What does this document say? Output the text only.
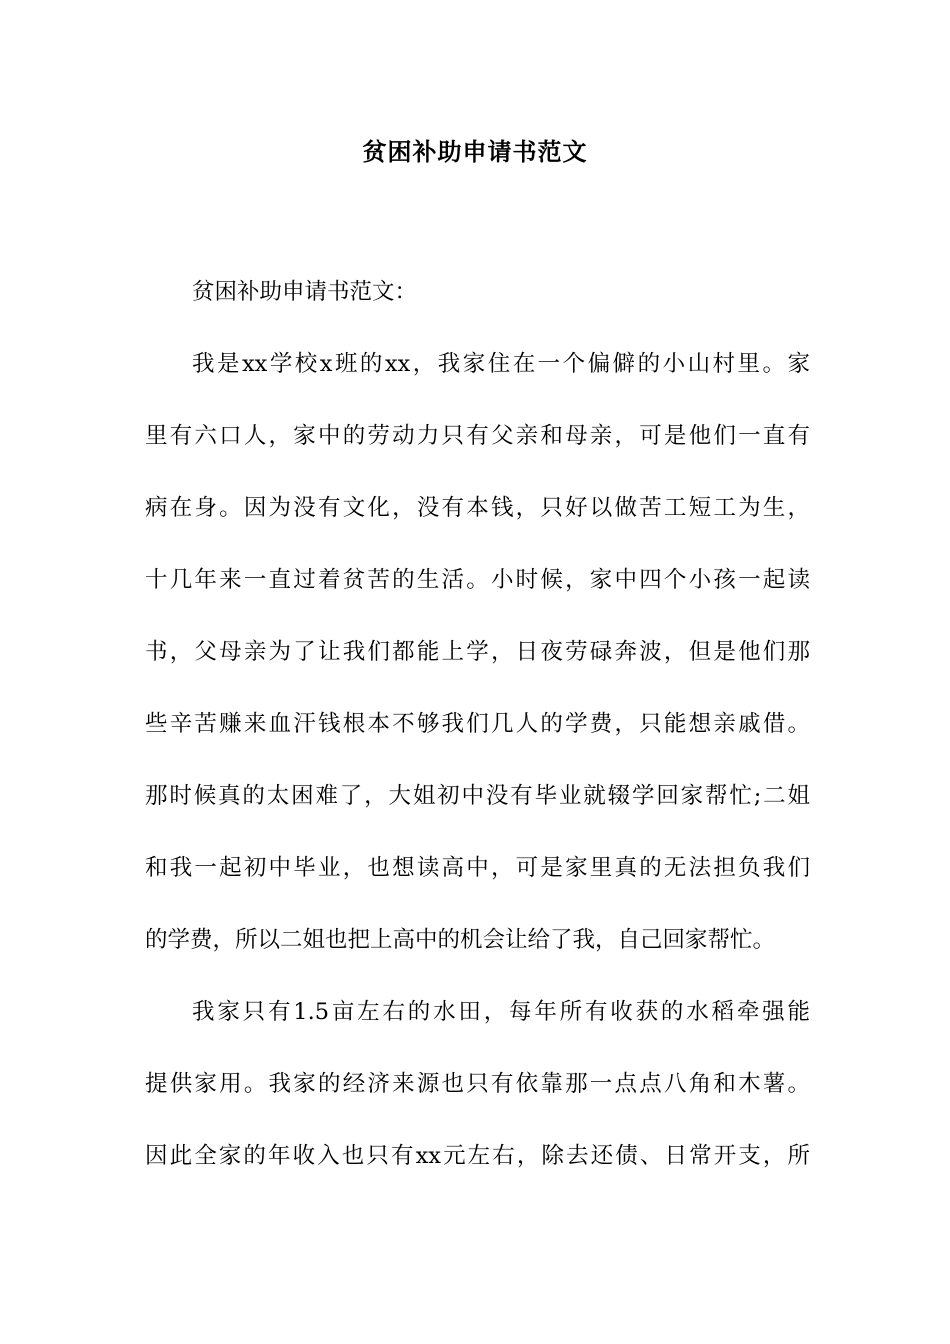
贫困补助申请书范文

贫困补助申请书范文：

我是xx学校x班的xx，我家住在一个偏僻的小山村里。家
里有六口人，家中的劳动力只有父亲和母亲，可是他们一直有
病在身。因为没有文化，没有本钱，只好以做苦工短工为生，
十几年来一直过着贫苦的生活。小时候，家中四个小孩一起读
书，父母亲为了让我们都能上学，日夜劳碌奔波，但是他们那
些辛苦赚来血汗钱根本不够我们几人的学费，只能想亲戚借。
那时候真的太困难了，大姐初中没有毕业就辍学回家帮忙;二姐
和我一起初中毕业，也想读高中，可是家里真的无法担负我们
的学费，所以二姐也把上高中的机会让给了我，自己回家帮忙。

我家只有1.5亩左右的水田，每年所有收获的水稻牵强能
提供家用。我家的经济来源也只有依靠那一点点八角和木薯。
因此全家的年收入也只有xx元左右，除去还债、日常开支，所
